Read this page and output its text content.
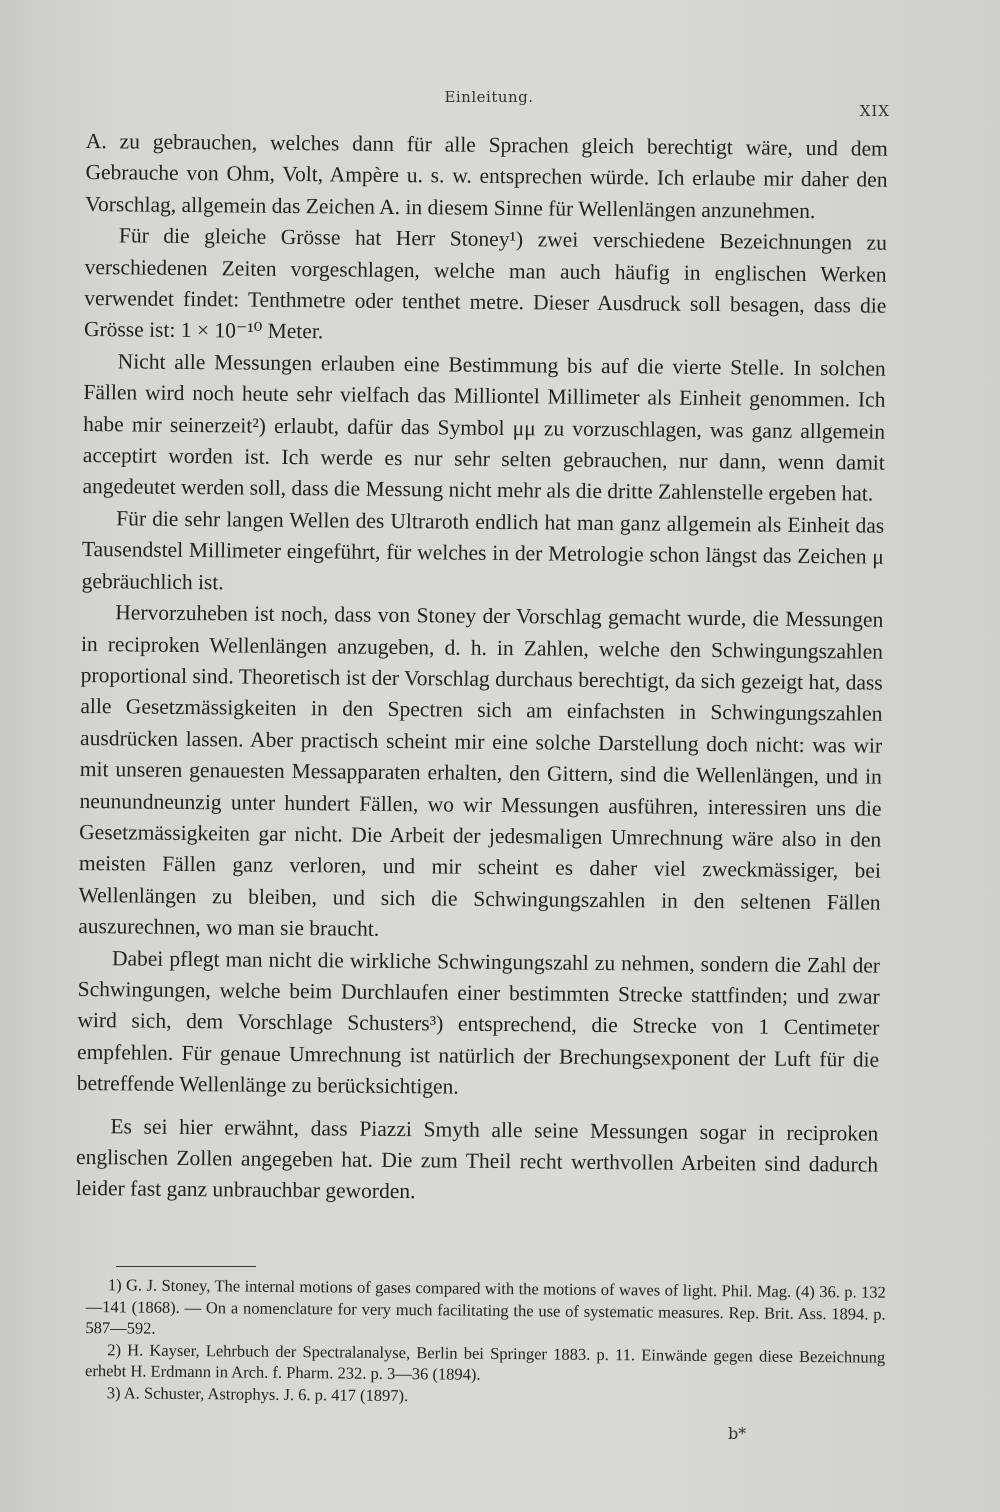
Einleitung.
XIX

A. zu gebrauchen, welches dann für alle Sprachen gleich berechtigt wäre, und dem Gebrauche von Ohm, Volt, Ampère u. s. w. entsprechen würde. Ich erlaube mir daher den Vorschlag, allgemein das Zeichen A. in diesem Sinne für Wellenlängen anzunehmen.

Für die gleiche Grösse hat Herr Stoney¹) zwei verschiedene Bezeichnungen zu verschiedenen Zeiten vorgeschlagen, welche man auch häufig in englischen Werken verwendet findet: Tenthmetre oder tenthet metre. Dieser Ausdruck soll besagen, dass die Grösse ist: 1 × 10⁻¹⁰ Meter.

Nicht alle Messungen erlauben eine Bestimmung bis auf die vierte Stelle. In solchen Fällen wird noch heute sehr vielfach das Milliontel Millimeter als Einheit genommen. Ich habe mir seinerzeit²) erlaubt, dafür das Symbol μμ zu vorzuschlagen, was ganz allgemein acceptirt worden ist. Ich werde es nur sehr selten gebrauchen, nur dann, wenn damit angedeutet werden soll, dass die Messung nicht mehr als die dritte Zahlenstelle ergeben hat.

Für die sehr langen Wellen des Ultraroth endlich hat man ganz allgemein als Einheit das Tausendstel Millimeter eingeführt, für welches in der Metrologie schon längst das Zeichen μ gebräuchlich ist.

Hervorzuheben ist noch, dass von Stoney der Vorschlag gemacht wurde, die Messungen in reciproken Wellenlängen anzugeben, d. h. in Zahlen, welche den Schwingungszahlen proportional sind. Theoretisch ist der Vorschlag durchaus berechtigt, da sich gezeigt hat, dass alle Gesetzmässigkeiten in den Spectren sich am einfachsten in Schwingungszahlen ausdrücken lassen. Aber practisch scheint mir eine solche Darstellung doch nicht: was wir mit unseren genauesten Messapparaten erhalten, den Gittern, sind die Wellenlängen, und in neunundneunzig unter hundert Fällen, wo wir Messungen ausführen, interessiren uns die Gesetzmässigkeiten gar nicht. Die Arbeit der jedesmaligen Umrechnung wäre also in den meisten Fällen ganz verloren, und mir scheint es daher viel zweckmässiger, bei Wellenlängen zu bleiben, und sich die Schwingungszahlen in den seltenen Fällen auszurechnen, wo man sie braucht.

Dabei pflegt man nicht die wirkliche Schwingungszahl zu nehmen, sondern die Zahl der Schwingungen, welche beim Durchlaufen einer bestimmten Strecke stattfinden; und zwar wird sich, dem Vorschlage Schusters³) entsprechend, die Strecke von 1 Centimeter empfehlen. Für genaue Umrechnung ist natürlich der Brechungsexponent der Luft für die betreffende Wellenlänge zu berücksichtigen.

Es sei hier erwähnt, dass Piazzi Smyth alle seine Messungen sogar in reciproken englischen Zollen angegeben hat. Die zum Theil recht werthvollen Arbeiten sind dadurch leider fast ganz unbrauchbar geworden.

1) G. J. Stoney, The internal motions of gases compared with the motions of waves of light. Phil. Mag. (4) 36. p. 132—141 (1868). — On a nomenclature for very much facilitating the use of systematic measures. Rep. Brit. Ass. 1894. p. 587—592.

2) H. Kayser, Lehrbuch der Spectralanalyse, Berlin bei Springer 1883. p. 11. Einwände gegen diese Bezeichnung erhebt H. Erdmann in Arch. f. Pharm. 232. p. 3—36 (1894).

3) A. Schuster, Astrophys. J. 6. p. 417 (1897).

b*
